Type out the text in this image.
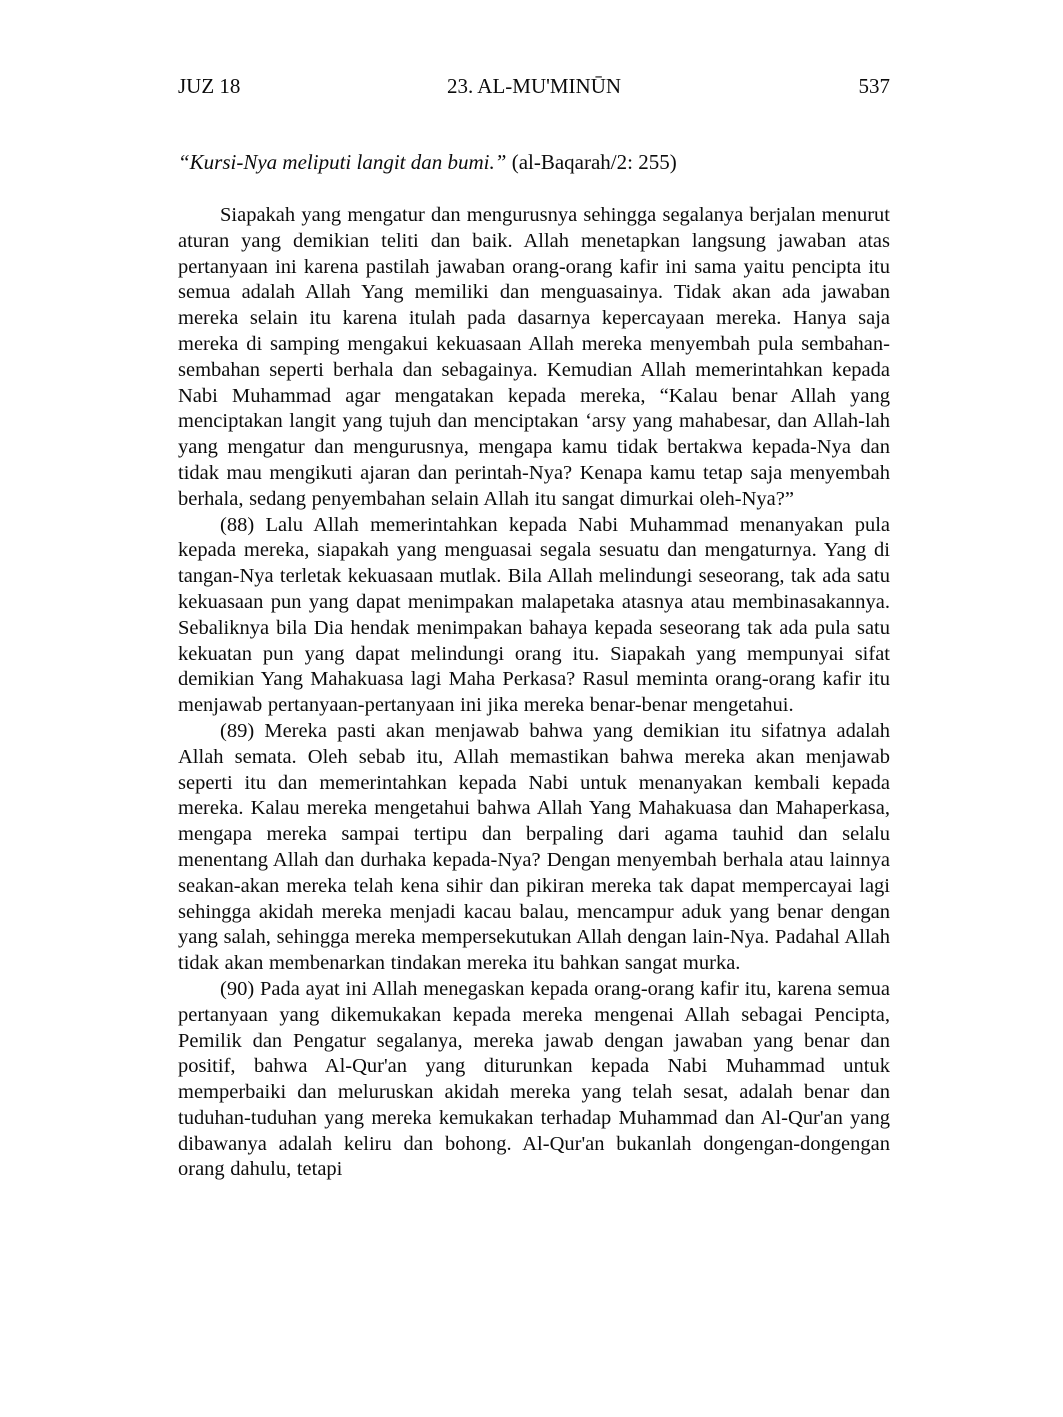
JUZ 18	23. AL-MU'MINŪN	537
“Kursi-Nya meliputi langit dan bumi.” (al-Baqarah/2: 255)

Siapakah yang mengatur dan mengurusnya sehingga segalanya berjalan menurut aturan yang demikian teliti dan baik. Allah menetapkan langsung jawaban atas pertanyaan ini karena pastilah jawaban orang-orang kafir ini sama yaitu pencipta itu semua adalah Allah Yang memiliki dan menguasainya. Tidak akan ada jawaban mereka selain itu karena itulah pada dasarnya kepercayaan mereka. Hanya saja mereka di samping mengakui kekuasaan Allah mereka menyembah pula sembahan-sembahan seperti berhala dan sebagainya. Kemudian Allah memerintahkan kepada Nabi Muhammad agar mengatakan kepada mereka, “Kalau benar Allah yang menciptakan langit yang tujuh dan menciptakan ‘arsy yang mahabesar, dan Allah-lah yang mengatur dan mengurusnya, mengapa kamu tidak bertakwa kepada-Nya dan tidak mau mengikuti ajaran dan perintah-Nya? Kenapa kamu tetap saja menyembah berhala, sedang penyembahan selain Allah itu sangat dimurkai oleh-Nya?”

(88) Lalu Allah memerintahkan kepada Nabi Muhammad menanyakan pula kepada mereka, siapakah yang menguasai segala sesuatu dan mengaturnya. Yang di tangan-Nya terletak kekuasaan mutlak. Bila Allah melindungi seseorang, tak ada satu kekuasaan pun yang dapat menimpakan malapetaka atasnya atau membinasakannya. Sebaliknya bila Dia hendak menimpakan bahaya kepada seseorang tak ada pula satu kekuatan pun yang dapat melindungi orang itu. Siapakah yang mempunyai sifat demikian Yang Mahakuasa lagi Maha Perkasa? Rasul meminta orang-orang kafir itu menjawab pertanyaan-pertanyaan ini jika mereka benar-benar mengetahui.

(89) Mereka pasti akan menjawab bahwa yang demikian itu sifatnya adalah Allah semata. Oleh sebab itu, Allah memastikan bahwa mereka akan menjawab seperti itu dan memerintahkan kepada Nabi untuk menanyakan kembali kepada mereka. Kalau mereka mengetahui bahwa Allah Yang Mahakuasa dan Mahaperkasa, mengapa mereka sampai tertipu dan berpaling dari agama tauhid dan selalu menentang Allah dan durhaka kepada-Nya? Dengan menyembah berhala atau lainnya seakan-akan mereka telah kena sihir dan pikiran mereka tak dapat mempercayai lagi sehingga akidah mereka menjadi kacau balau, mencampur aduk yang benar dengan yang salah, sehingga mereka mempersekutukan Allah dengan lain-Nya. Padahal Allah tidak akan membenarkan tindakan mereka itu bahkan sangat murka.

(90) Pada ayat ini Allah menegaskan kepada orang-orang kafir itu, karena semua pertanyaan yang dikemukakan kepada mereka mengenai Allah sebagai Pencipta, Pemilik dan Pengatur segalanya, mereka jawab dengan jawaban yang benar dan positif, bahwa Al-Qur'an yang diturunkan kepada Nabi Muhammad untuk memperbaiki dan meluruskan akidah mereka yang telah sesat, adalah benar dan tuduhan-tuduhan yang mereka kemukakan terhadap Muhammad dan Al-Qur'an yang dibawanya adalah keliru dan bohong. Al-Qur'an bukanlah dongengan-dongengan orang dahulu, tetapi
